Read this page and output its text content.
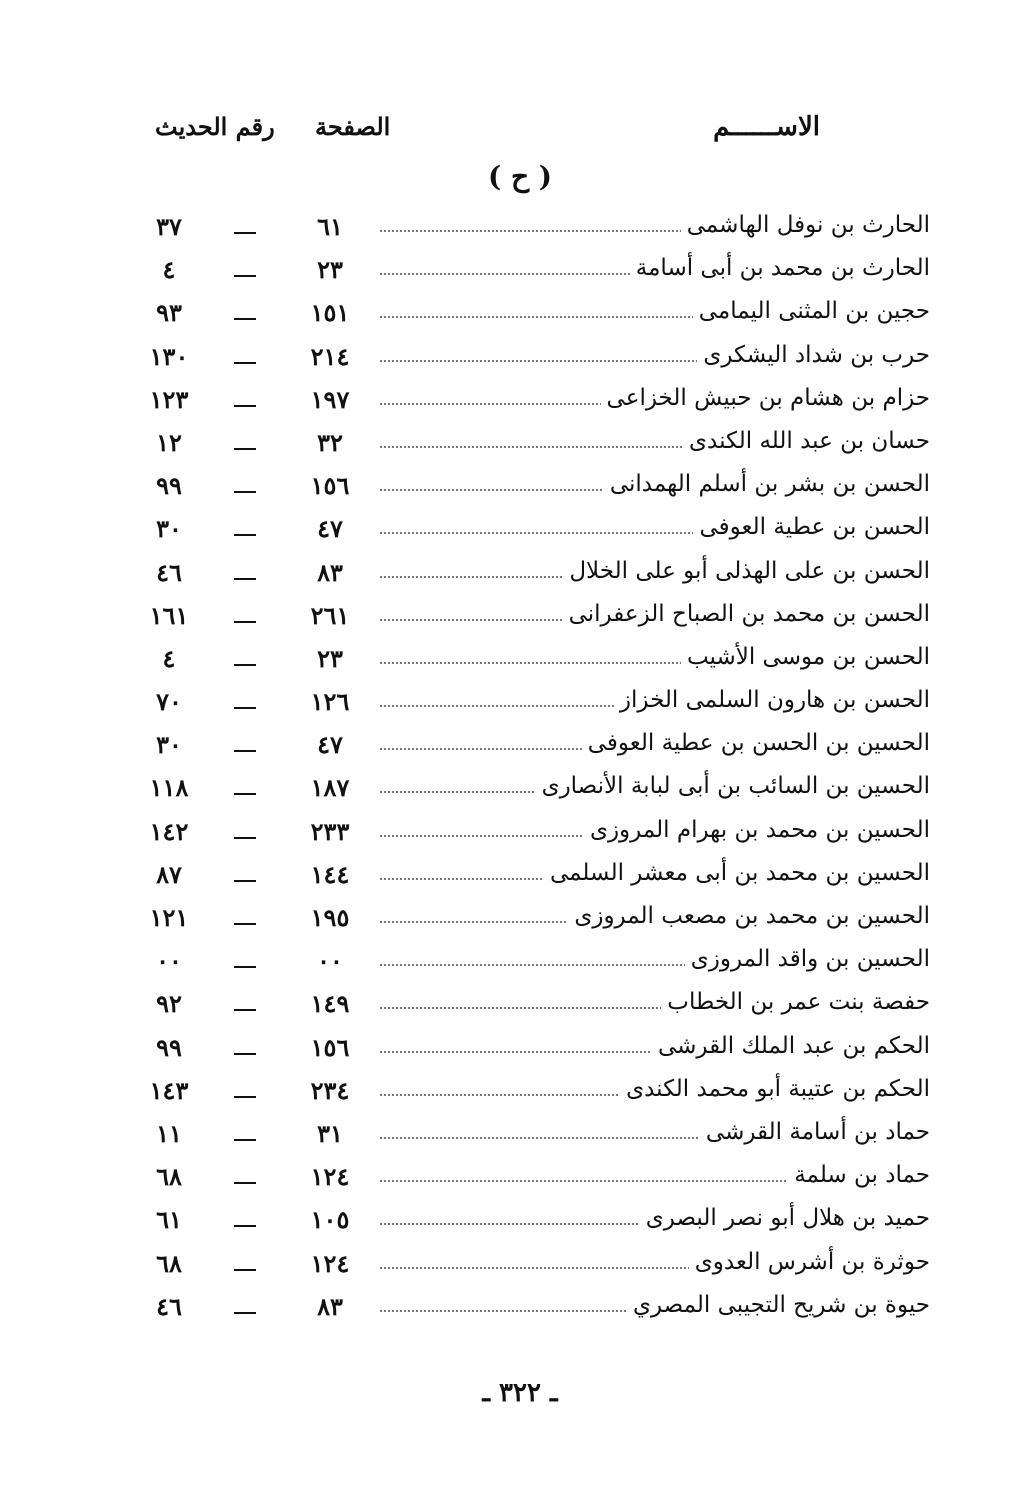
الاســــــم
الصفحة
رقم الحديث
( ح )
الحارث بن نوفل الهاشمى
٦١
٣٧
الحارث بن محمد بن أبى أسامة
٢٣
٤
حجين بن المثنى اليمامى
١٥١
٩٣
حرب بن شداد اليشكرى
٢١٤
١٣٠
حزام بن هشام بن حبيش الخزاعى
١٩٧
١٢٣
حسان بن عبد الله الكندى
٣٢
١٢
الحسن بن بشر بن أسلم الهمدانى
١٥٦
٩٩
الحسن بن عطية العوفى
٤٧
٣٠
الحسن بن على الهذلى أبو على الخلال
٨٣
٤٦
الحسن بن محمد بن الصباح الزعفرانى
٢٦١
١٦١
الحسن بن موسى الأشيب
٢٣
٤
الحسن بن هارون السلمى الخزاز
١٢٦
٧٠
الحسين بن الحسن بن عطية العوفى
٤٧
٣٠
الحسين بن السائب بن أبى لبابة الأنصارى
١٨٧
١١٨
الحسين بن محمد بن بهرام المروزى
٢٣٣
١٤٢
الحسين بن محمد بن أبى معشر السلمى
١٤٤
٨٧
الحسين بن محمد بن مصعب المروزى
١٩٥
١٢١
الحسين بن واقد المروزى
٠٠
٠٠
حفصة بنت عمر بن الخطاب
١٤٩
٩٢
الحكم بن عبد الملك القرشى
١٥٦
٩٩
الحكم بن عتيبة أبو محمد الكندى
٢٣٤
١٤٣
حماد بن أسامة القرشى
٣١
١١
حماد بن سلمة
١٢٤
٦٨
حميد بن هلال أبو نصر البصرى
١٠٥
٦١
حوثرة بن أشرس العدوى
١٢٤
٦٨
حيوة بن شريح التجيبى المصري
٨٣
٤٦
ـ ٣٢٢ ـ
